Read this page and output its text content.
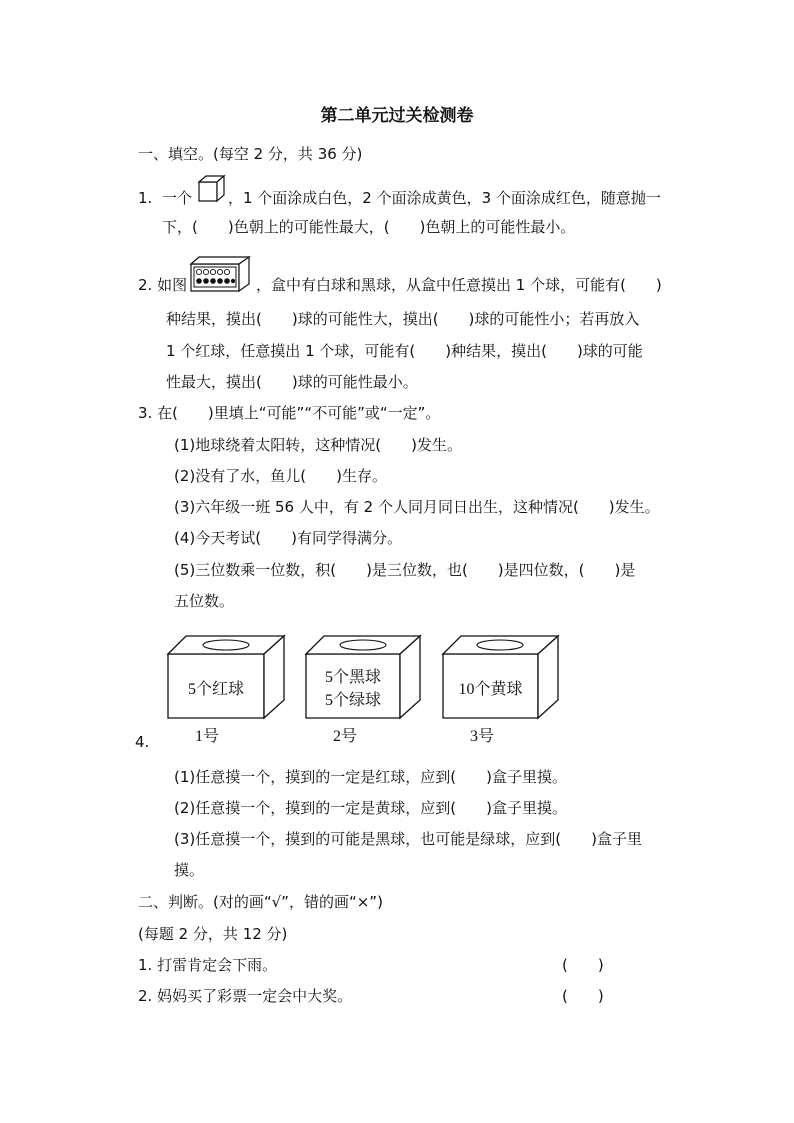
第二单元过关检测卷
一、填空。(每空 2 分，共 36 分)
1. 一个 ，1 个面涂成白色，2 个面涂成黄色，3 个面涂成红色，随意抛一
下，(　　)色朝上的可能性最大，(　　)色朝上的可能性最小。
2. 如图	，盒中有白球和黑球，从盒中任意摸出 1 个球，可能有(　　)
种结果，摸出(　　)球的可能性大，摸出(　　)球的可能性小；若再放入
1 个红球，任意摸出 1 个球，可能有(　　)种结果，摸出(　　)球的可能
性最大，摸出(　　)球的可能性最小。
3. 在(　　)里填上“可能”“不可能”或“一定”。
(1)地球绕着太阳转，这种情况(　　)发生。
(2)没有了水，鱼儿(　　)生存。
(3)六年级一班 56 人中，有 2 个人同月同日出生，这种情况(　　)发生。
(4)今天考试(　　)有同学得满分。
(5)三位数乘一位数，积(　　)是三位数，也(　　)是四位数，(　　)是
五位数。
5个红球
5个黑球
5个绿球
10个黄球
1号	2号	3号
4.
(1)任意摸一个，摸到的一定是红球，应到(　　)盒子里摸。
(2)任意摸一个，摸到的一定是黄球，应到(　　)盒子里摸。
(3)任意摸一个，摸到的可能是黑球，也可能是绿球，应到(　　)盒子里
摸。
二、判断。(对的画“√”，错的画“×”)
(每题 2 分，共 12 分)
1. 打雷肯定会下雨。	(　　)
2. 妈妈买了彩票一定会中大奖。	(　　)
